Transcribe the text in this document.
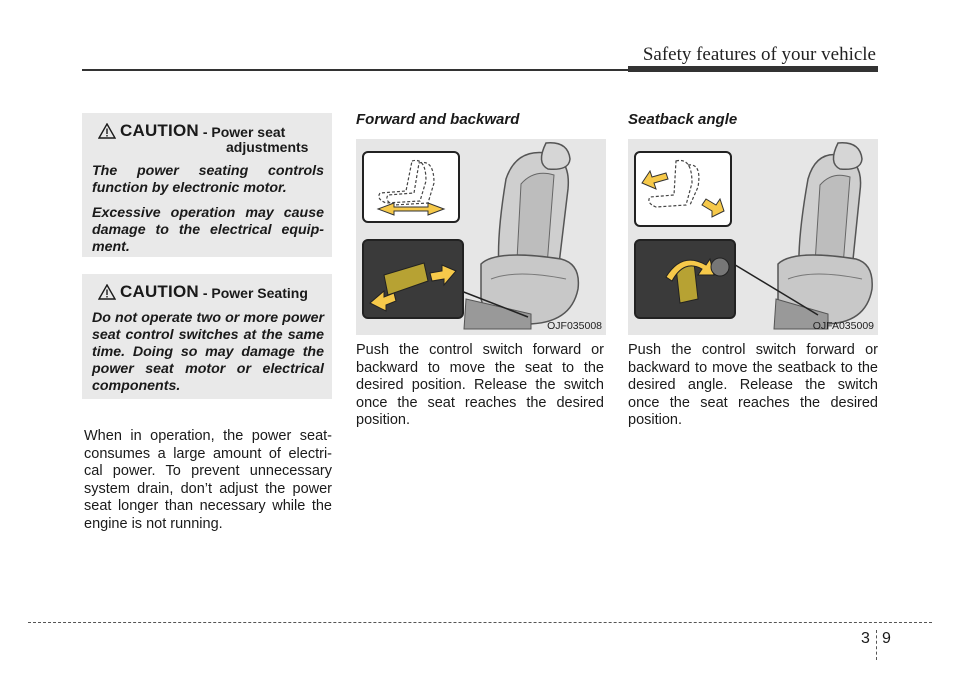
Safety features of your vehicle
CAUTION - Power seat
adjustments

The power seating controls function by electronic motor.

Excessive operation may cause damage to the electrical equip- ment.

CAUTION - Power Seating

Do not operate two or more power seat control switches at the same time. Doing so may damage the power seat motor or electrical components.

When in operation, the power seat- consumes a large amount of electri- cal power. To prevent unnecessary system drain, don’t adjust the power seat longer than necessary while the engine is not running.

Forward and backward

OJF035008

Push the control switch forward or backward to move the seat to the desired position. Release the switch once the seat reaches the desired position.

Seatback angle

OJFA035009

Push the control switch forward or backward to move the seatback to the desired angle. Release the switch once the seat reaches the desired position.

3 9
